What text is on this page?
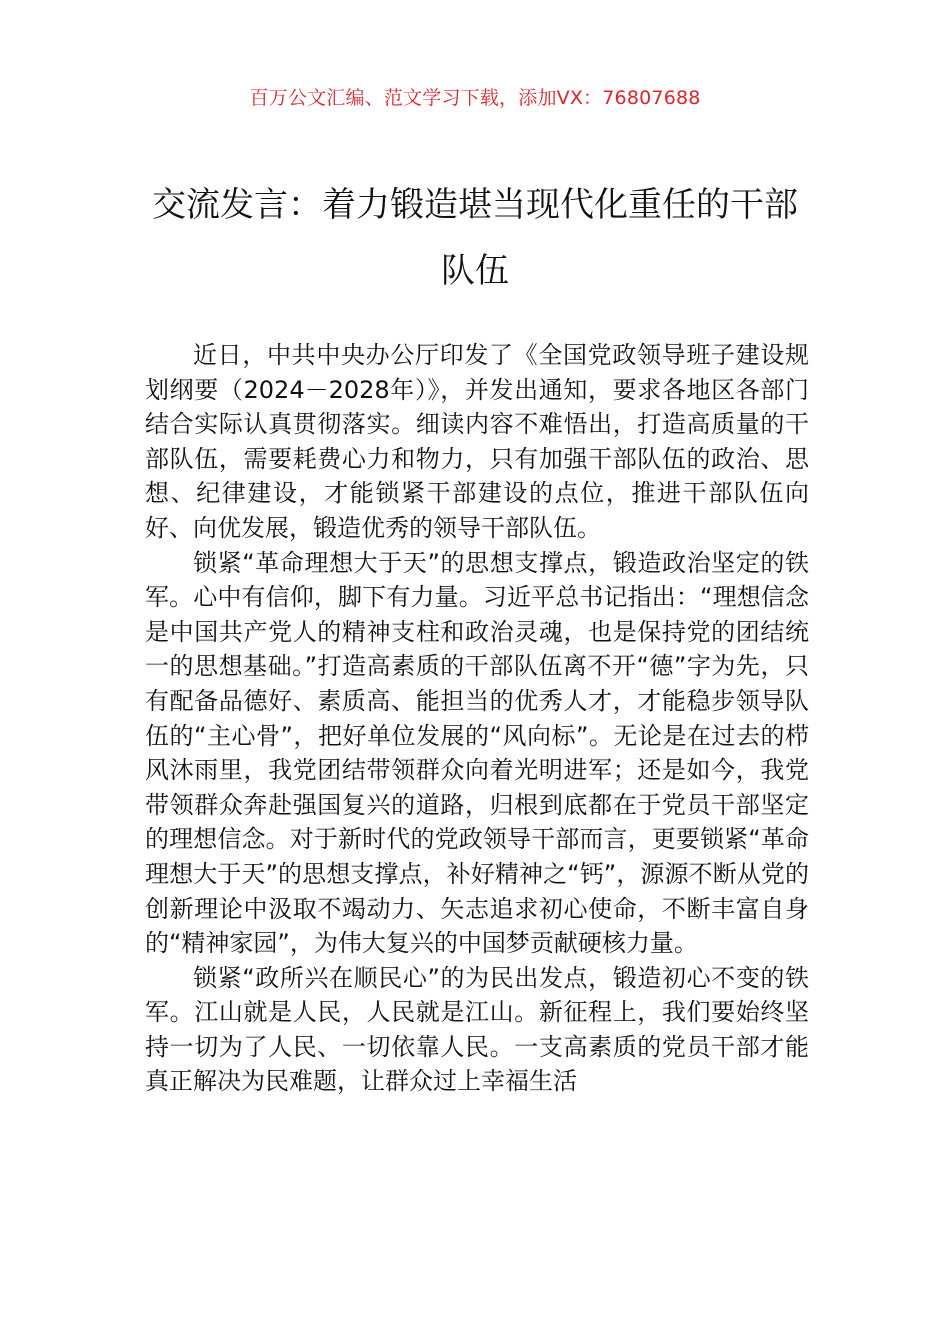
百万公文汇编、范文学习下载，添加VX：76807688
交流发言：着力锻造堪当现代化重任的干部队伍

近日，中共中央办公厅印发了《全国党政领导班子建设规划纲要（2024－2028年）》，并发出通知，要求各地区各部门结合实际认真贯彻落实。细读内容不难悟出，打造高质量的干部队伍，需要耗费心力和物力，只有加强干部队伍的政治、思想、纪律建设，才能锁紧干部建设的点位，推进干部队伍向好、向优发展，锻造优秀的领导干部队伍。

锁紧“革命理想大于天”的思想支撑点，锻造政治坚定的铁军。心中有信仰，脚下有力量。习近平总书记指出：“理想信念是中国共产党人的精神支柱和政治灵魂，也是保持党的团结统一的思想基础。”打造高素质的干部队伍离不开“德”字为先，只有配备品德好、素质高、能担当的优秀人才，才能稳步领导队伍的“主心骨”，把好单位发展的“风向标”。无论是在过去的栉风沐雨里，我党团结带领群众向着光明进军；还是如今，我党带领群众奔赴强国复兴的道路，归根到底都在于党员干部坚定的理想信念。对于新时代的党政领导干部而言，更要锁紧“革命理想大于天”的思想支撑点，补好精神之“钙”，源源不断从党的创新理论中汲取不竭动力、矢志追求初心使命，不断丰富自身的“精神家园”，为伟大复兴的中国梦贡献硬核力量。

锁紧“政所兴在顺民心”的为民出发点，锻造初心不变的铁军。江山就是人民，人民就是江山。新征程上，我们要始终坚持一切为了人民、一切依靠人民。一支高素质的党员干部才能真正解决为民难题，让群众过上幸福生活
